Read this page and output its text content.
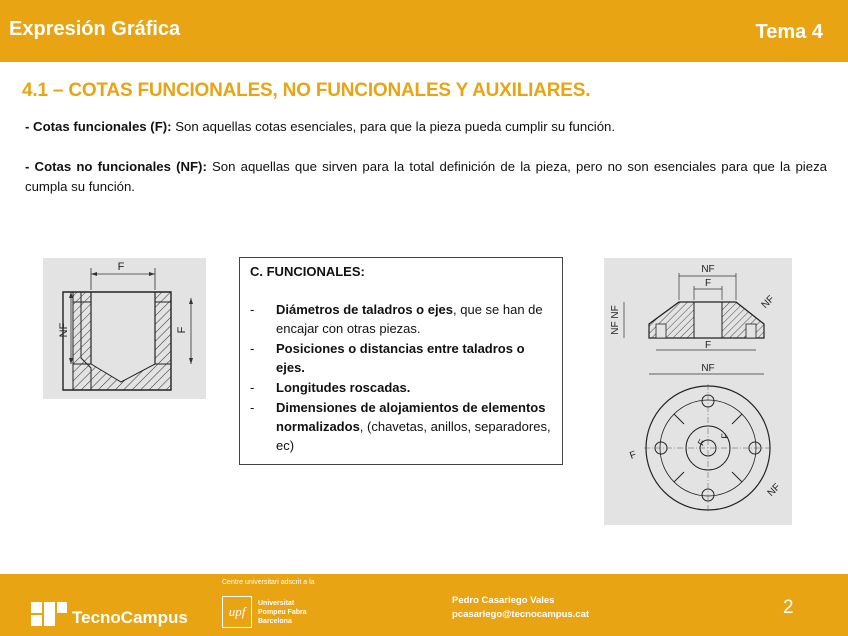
Expresión Gráfica	Tema 4
4.1 – COTAS FUNCIONALES, NO FUNCIONALES Y AUXILIARES.
- Cotas funcionales (F): Son aquellas cotas esenciales, para que la pieza pueda cumplir su función.
- Cotas no funcionales (NF): Son aquellas que sirven para la total definición de la pieza, pero no son esenciales para que la pieza cumpla su función.
F
NF	F
C. FUNCIONALES:
- Diámetros de taladros o ejes, que se han de encajar con otras piezas.
- Posiciones o distancias entre taladros o ejes.
- Longitudes roscadas.
- Dimensiones de alojamientos de elementos normalizados, (chavetas, anillos, separadores, ec)
NF
F
NF NF
NF
F
NF
F
F
F
NF
TecnoCampus
Centre universitari adscrit a la
upf
Universitat
Pompeu Fabra
Barcelona
Pedro Casariego Vales
pcasariego@tecnocampus.cat	2
